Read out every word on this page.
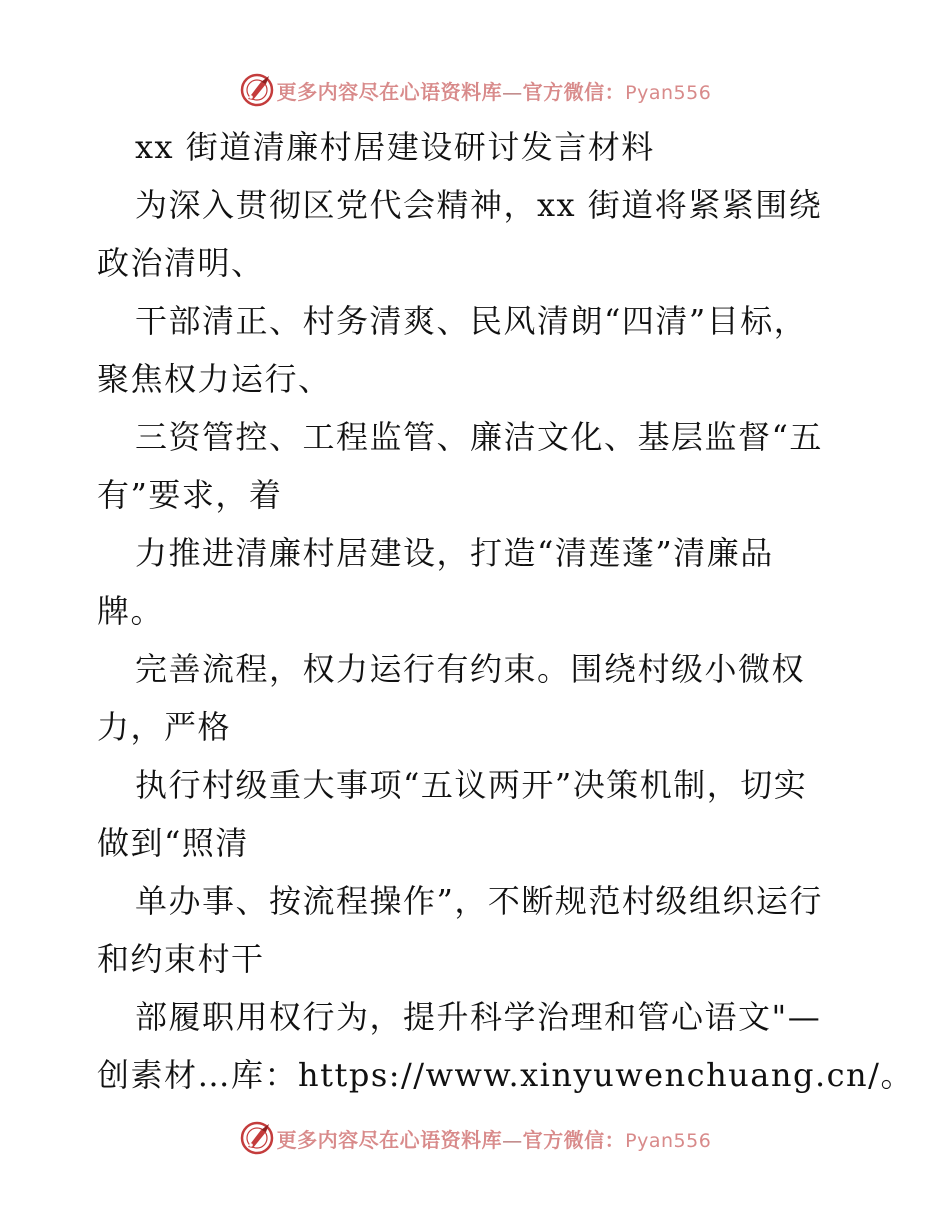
更多内容尽在心语资料库—官方微信：Pyan556
xx 街道清廉村居建设研讨发言材料
为深入贯彻区党代会精神，xx 街道将紧紧围绕
政治清明、
干部清正、村务清爽、民风清朗“四清”目标，
聚焦权力运行、
三资管控、工程监管、廉洁文化、基层监督“五
有”要求，着
力推进清廉村居建设，打造“清莲蓬”清廉品
牌。
完善流程，权力运行有约束。围绕村级小微权
力，严格
执行村级重大事项“五议两开”决策机制，切实
做到“照清
单办事、按流程操作”，不断规范村级组织运行
和约束村干
部履职用权行为，提升科学治理和管心语文"—
创素材…库：https://www.xinyuwenchuang.cn/。
更多内容尽在心语资料库—官方微信：Pyan556
